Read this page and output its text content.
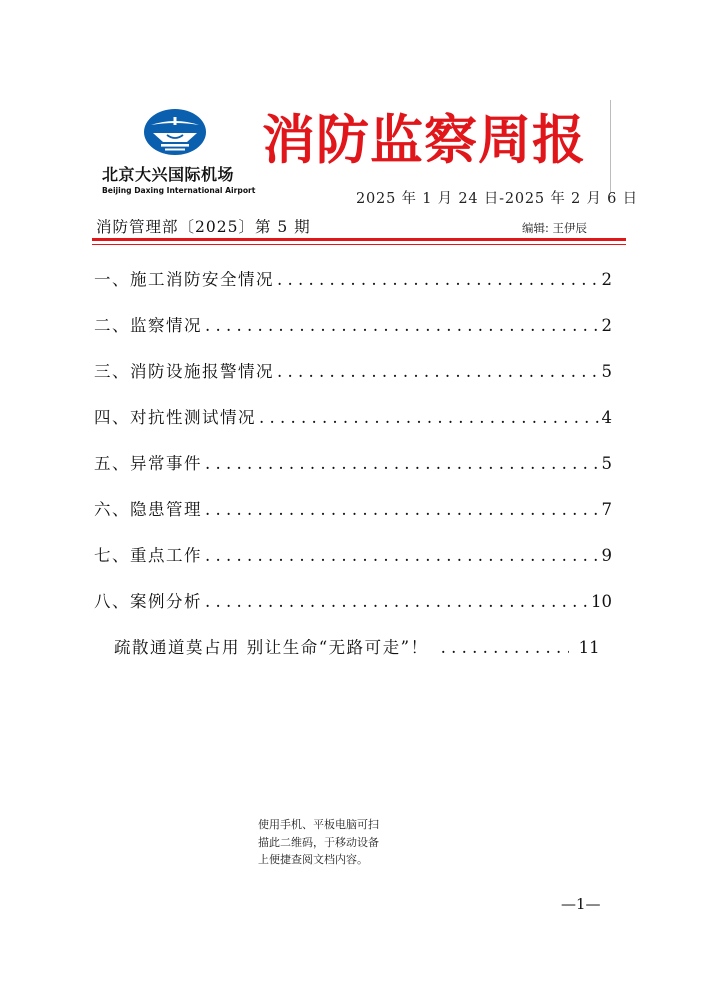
北京大兴国际机场
Beijing Daxing International Airport
消防监察周报
2025 年 1 月 24 日-2025 年 2 月 6 日
消防管理部〔2025〕第 5 期	编辑: 王伊辰
一、施工消防安全情况 . . .	2
二、监察情况 . . .	2
三、消防设施报警情况 . . .	5
四、对抗性测试情况 . . .	4
五、异常事件 . . .	5
六、隐患管理 . . .	7
七、重点工作 . . .	9
八、案例分析 . . .	10
疏散通道莫占用 别让生命“无路可走”！ . . .	11
使用手机、平板电脑可扫
描此二维码，于移动设备
上便捷查阅文档内容。
—1—
